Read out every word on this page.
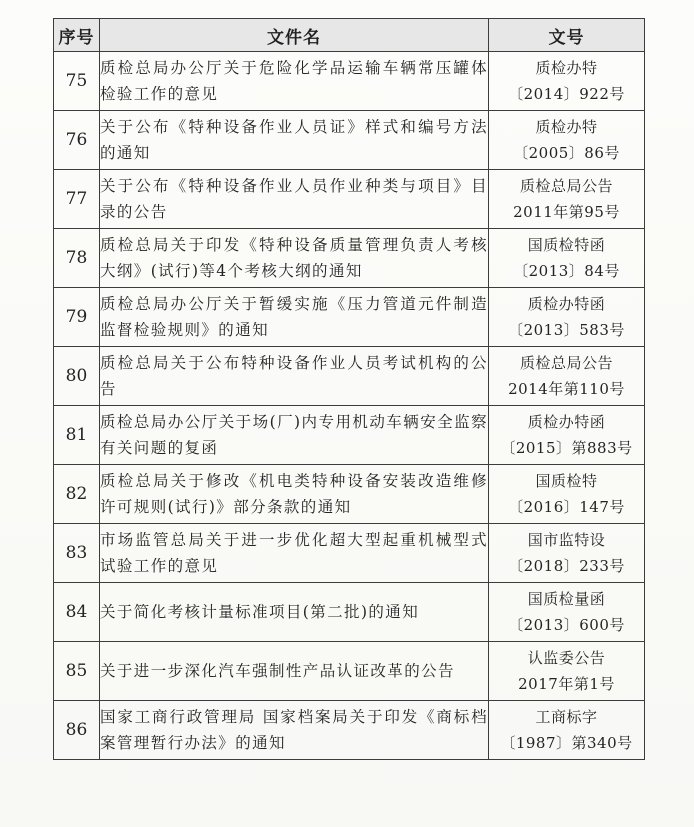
序号	文件名	文号
75	质检总局办公厅关于危险化学品运输车辆常压罐体检验工作的意见	质检办特
〔2014〕922号

76	关于公布《特种设备作业人员证》样式和编号方法的通知	质检办特
〔2005〕86号

77	关于公布《特种设备作业人员作业种类与项目》目录的公告	质检总局公告
2011年第95号

78	质检总局关于印发《特种设备质量管理负责人考核大纲》(试行)等4个考核大纲的通知	国质检特函
〔2013〕84号

79	质检总局办公厅关于暂缓实施《压力管道元件制造监督检验规则》的通知	质检办特函
〔2013〕583号

80	质检总局关于公布特种设备作业人员考试机构的公告	质检总局公告
2014年第110号

81	质检总局办公厅关于场(厂)内专用机动车辆安全监察有关问题的复函	质检办特函
〔2015〕第883号

82	质检总局关于修改《机电类特种设备安装改造维修许可规则(试行)》部分条款的通知	国质检特
〔2016〕147号

83	市场监管总局关于进一步优化超大型起重机械型式试验工作的意见	国市监特设
〔2018〕233号

84	关于简化考核计量标准项目(第二批)的通知	国质检量函
〔2013〕600号

85	关于进一步深化汽车强制性产品认证改革的公告	认监委公告
2017年第1号

86	国家工商行政管理局 国家档案局关于印发《商标档案管理暂行办法》的通知	工商标字
〔1987〕第340号
